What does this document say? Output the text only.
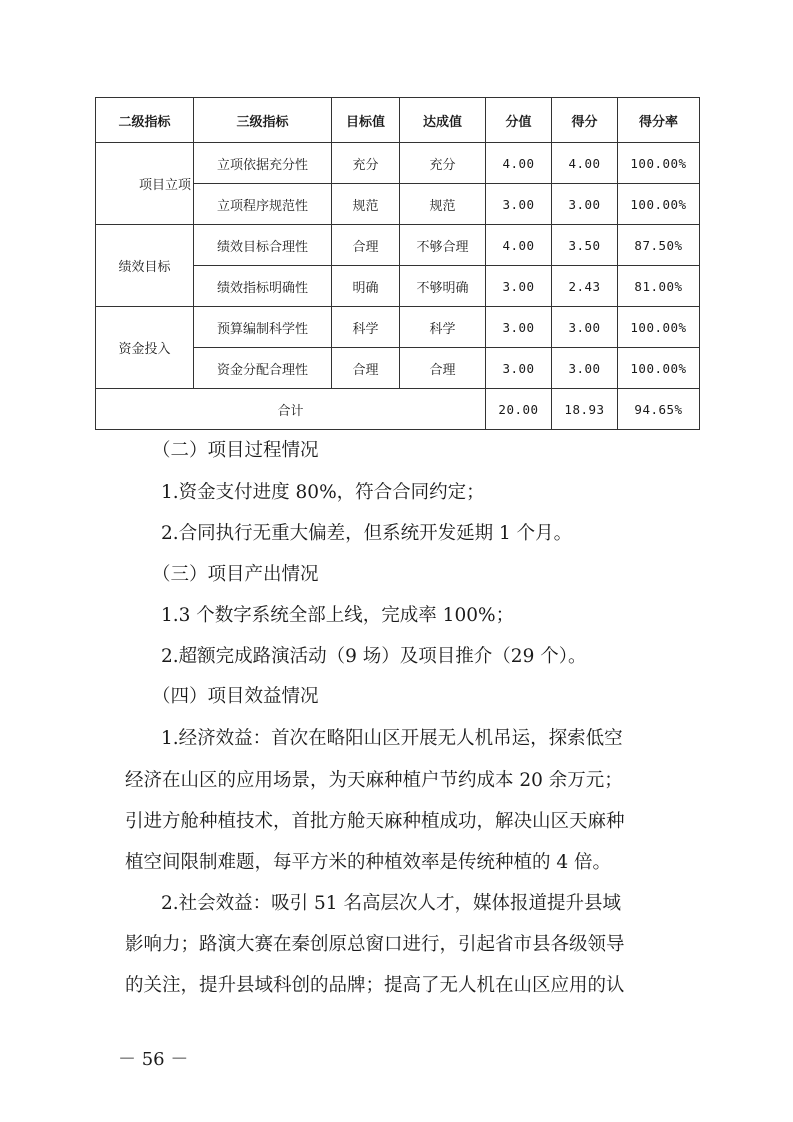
二级指标	三级指标	目标值	达成值	分值	得分	得分率
项目立项	立项依据充分性	充分	充分	4.00	4.00	100.00%
	立项程序规范性	规范	规范	3.00	3.00	100.00%
绩效目标	绩效目标合理性	合理	不够合理	4.00	3.50	87.50%
	绩效指标明确性	明确	不够明确	3.00	2.43	81.00%
资金投入	预算编制科学性	科学	科学	3.00	3.00	100.00%
	资金分配合理性	合理	合理	3.00	3.00	100.00%
合计				20.00	18.93	94.65%
（二）项目过程情况
1.资金支付进度 80%，符合合同约定；
2.合同执行无重大偏差，但系统开发延期 1 个月。
（三）项目产出情况
1.3 个数字系统全部上线，完成率 100%；
2.超额完成路演活动（9 场）及项目推介（29 个）。
（四）项目效益情况
1.经济效益：首次在略阳山区开展无人机吊运，探索低空
经济在山区的应用场景，为天麻种植户节约成本 20 余万元；
引进方舱种植技术，首批方舱天麻种植成功，解决山区天麻种
植空间限制难题，每平方米的种植效率是传统种植的 4 倍。
2.社会效益：吸引 51 名高层次人才，媒体报道提升县域
影响力；路演大赛在秦创原总窗口进行，引起省市县各级领导
的关注，提升县域科创的品牌；提高了无人机在山区应用的认
－ 56 －
